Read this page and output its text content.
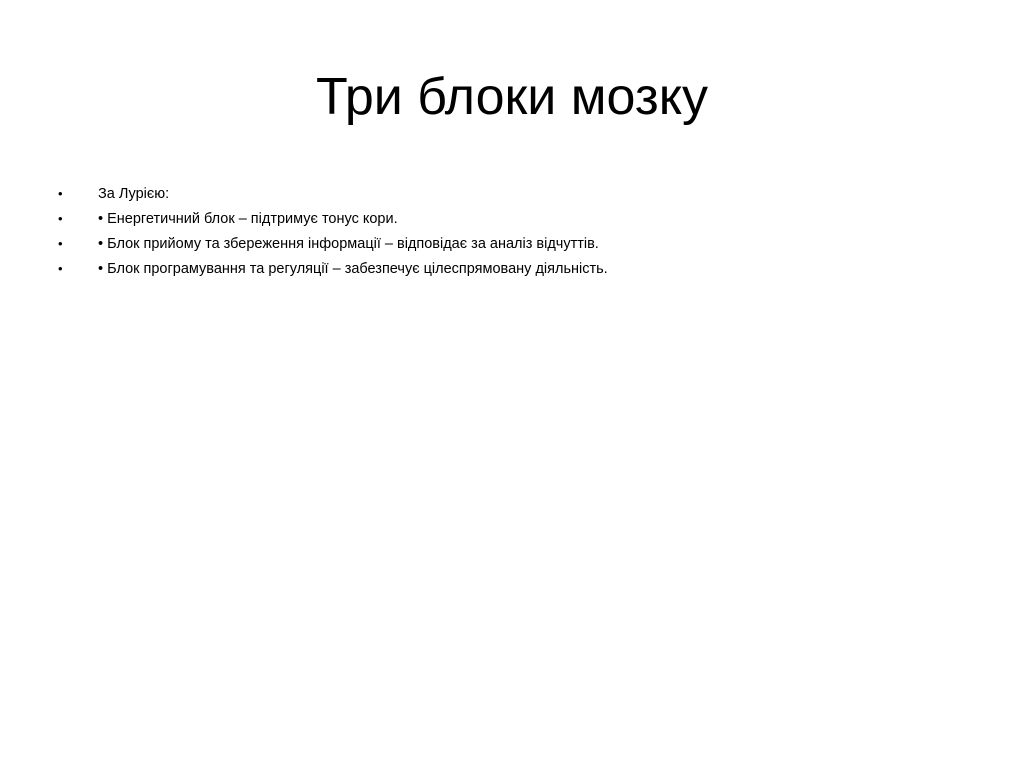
Три блоки мозку
•	За Лурією:
•	• Енергетичний блок – підтримує тонус кори.
•	• Блок прийому та збереження інформації – відповідає за аналіз відчуттів.
•	• Блок програмування та регуляції – забезпечує цілеспрямовану діяльність.
